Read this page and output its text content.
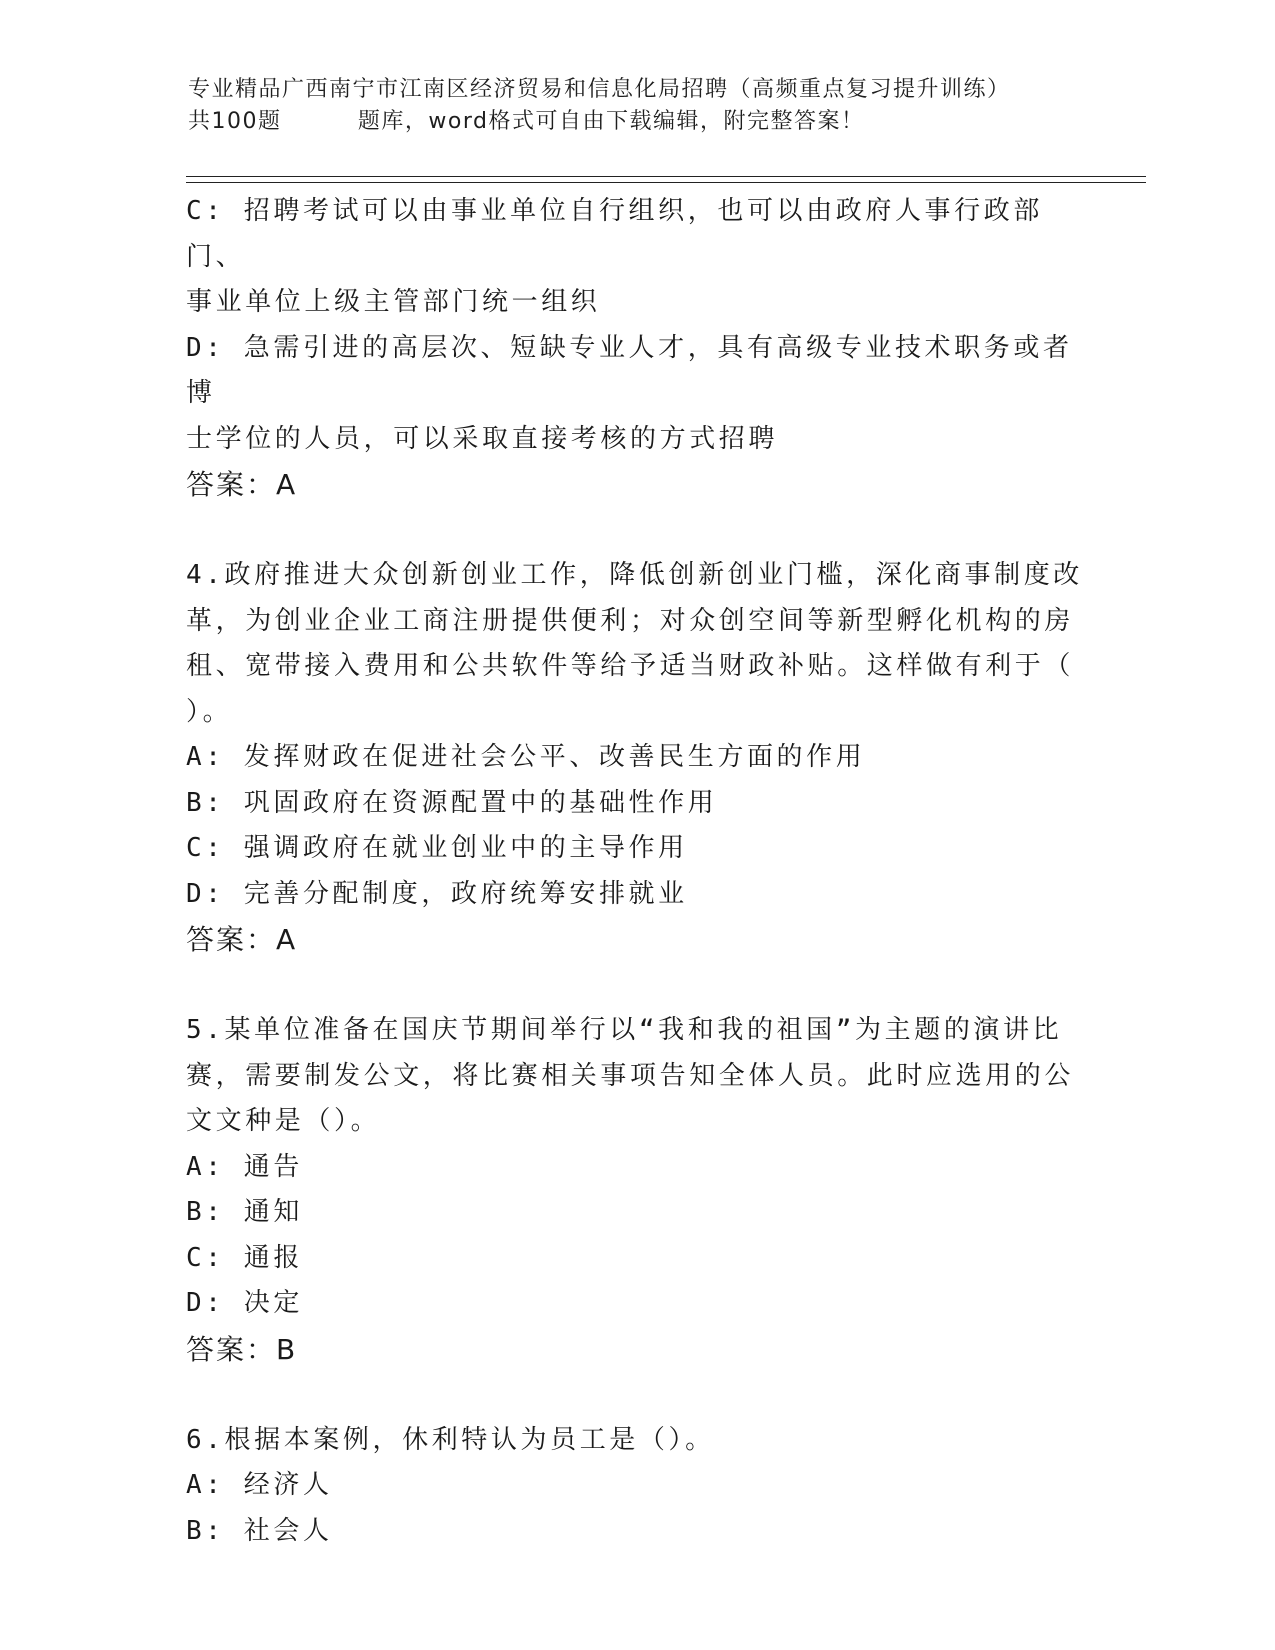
专业精品广西南宁市江南区经济贸易和信息化局招聘（高频重点复习提升训练）
共100题         题库，word格式可自由下载编辑，附完整答案！

C: 招聘考试可以由事业单位自行组织，也可以由政府人事行政部门、

事业单位上级主管部门统一组织

D: 急需引进的高层次、短缺专业人才，具有高级专业技术职务或者博

士学位的人员，可以采取直接考核的方式招聘

答案：A

4.政府推进大众创新创业工作，降低创新创业门槛，深化商事制度改

革，为创业企业工商注册提供便利；对众创空间等新型孵化机构的房

租、宽带接入费用和公共软件等给予适当财政补贴。这样做有利于（

）。

A: 发挥财政在促进社会公平、改善民生方面的作用

B: 巩固政府在资源配置中的基础性作用

C: 强调政府在就业创业中的主导作用

D: 完善分配制度，政府统筹安排就业

答案：A

5.某单位准备在国庆节期间举行以“我和我的祖国”为主题的演讲比

赛，需要制发公文，将比赛相关事项告知全体人员。此时应选用的公

文文种是（）。

A: 通告

B: 通知

C: 通报

D: 决定

答案：B

6.根据本案例，休利特认为员工是（）。

A: 经济人

B: 社会人
